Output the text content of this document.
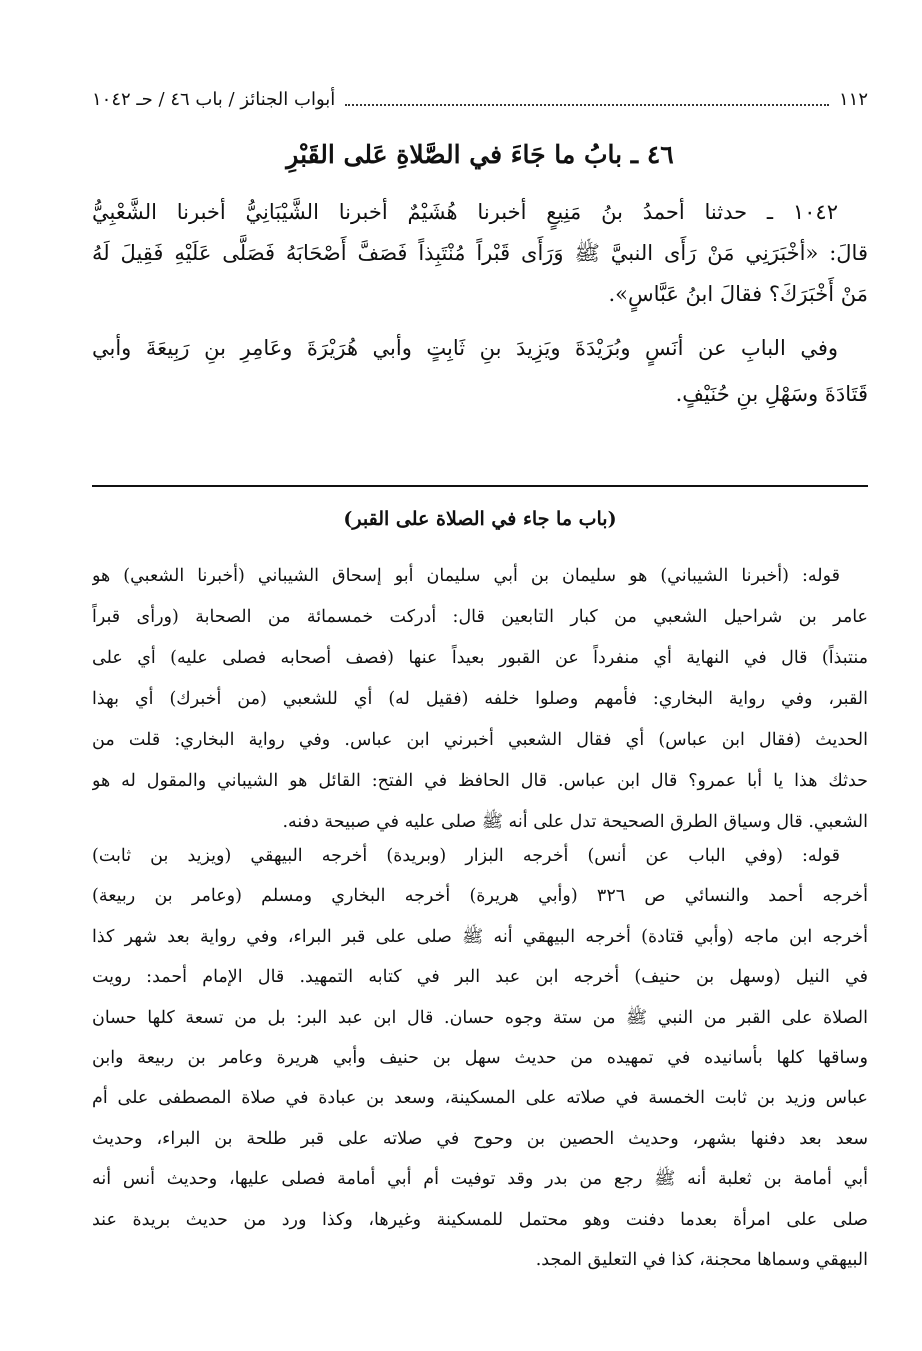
١١٢
أبواب الجنائز / باب ٤٦ / حـ ١٠٤٢
٤٦ ـ بابُ ما جَاءَ في الصَّلاةِ عَلى القَبْرِ
١٠٤٢ ـ حدثنا أحمدُ بنُ مَنِيعٍ أخبرنا هُشَيْمٌ أخبرنا الشَّيْبَانِيُّ أخبرنا الشَّعْبِيُّ
قالَ: «أخْبَرَنِي مَنْ رَأَى النبيَّ ﷺ وَرَأَى قَبْراً مُنْتَبِذاً فَصَفَّ أَصْحَابَهُ فَصَلَّى عَلَيْهِ فَقِيلَ لَهُ
مَنْ أَخْبَرَكَ؟ فقالَ ابنُ عَبَّاسٍ».
وفي البابِ عن أنَسٍ وبُرَيْدَةَ ويَزِيدَ بنِ ثَابِتٍ وأبي هُرَيْرَةَ وعَامِرِ بنِ رَبِيعَةَ وأبي
قَتَادَةَ وسَهْلِ بنِ حُنَيْفٍ.
(باب ما جاء في الصلاة على القبر)
قوله: (أخبرنا الشيباني) هو سليمان بن أبي سليمان أبو إسحاق الشيباني (أخبرنا الشعبي) هو
عامر بن شراحيل الشعبي من كبار التابعين قال: أدركت خمسمائة من الصحابة (ورأى قبراً
منتبذاً) قال في النهاية أي منفرداً عن القبور بعيداً عنها (فصف أصحابه فصلى عليه) أي على
القبر، وفي رواية البخاري: فأمهم وصلوا خلفه (فقيل له) أي للشعبي (من أخبرك) أي بهذا
الحديث (فقال ابن عباس) أي فقال الشعبي أخبرني ابن عباس. وفي رواية البخاري: قلت من
حدثك هذا يا أبا عمرو؟ قال ابن عباس. قال الحافظ في الفتح: القائل هو الشيباني والمقول له هو
الشعبي. قال وسياق الطرق الصحيحة تدل على أنه ﷺ صلى عليه في صبيحة دفنه.
قوله: (وفي الباب عن أنس) أخرجه البزار (وبريدة) أخرجه البيهقي (ويزيد بن ثابت)
أخرجه أحمد والنسائي ص ٣٢٦ (وأبي هريرة) أخرجه البخاري ومسلم (وعامر بن ربيعة)
أخرجه ابن ماجه (وأبي قتادة) أخرجه البيهقي أنه ﷺ صلى على قبر البراء، وفي رواية بعد شهر كذا
في النيل (وسهل بن حنيف) أخرجه ابن عبد البر في كتابه التمهيد. قال الإمام أحمد: رويت
الصلاة على القبر من النبي ﷺ من ستة وجوه حسان. قال ابن عبد البر: بل من تسعة كلها حسان
وساقها كلها بأسانيده في تمهيده من حديث سهل بن حنيف وأبي هريرة وعامر بن ربيعة وابن
عباس وزيد بن ثابت الخمسة في صلاته على المسكينة، وسعد بن عبادة في صلاة المصطفى على أم
سعد بعد دفنها بشهر، وحديث الحصين بن وحوح في صلاته على قبر طلحة بن البراء، وحديث
أبي أمامة بن ثعلبة أنه ﷺ رجع من بدر وقد توفيت أم أبي أمامة فصلى عليها، وحديث أنس أنه
صلى على امرأة بعدما دفنت وهو محتمل للمسكينة وغيرها، وكذا ورد من حديث بريدة عند
البيهقي وسماها محجنة، كذا في التعليق المجد.
